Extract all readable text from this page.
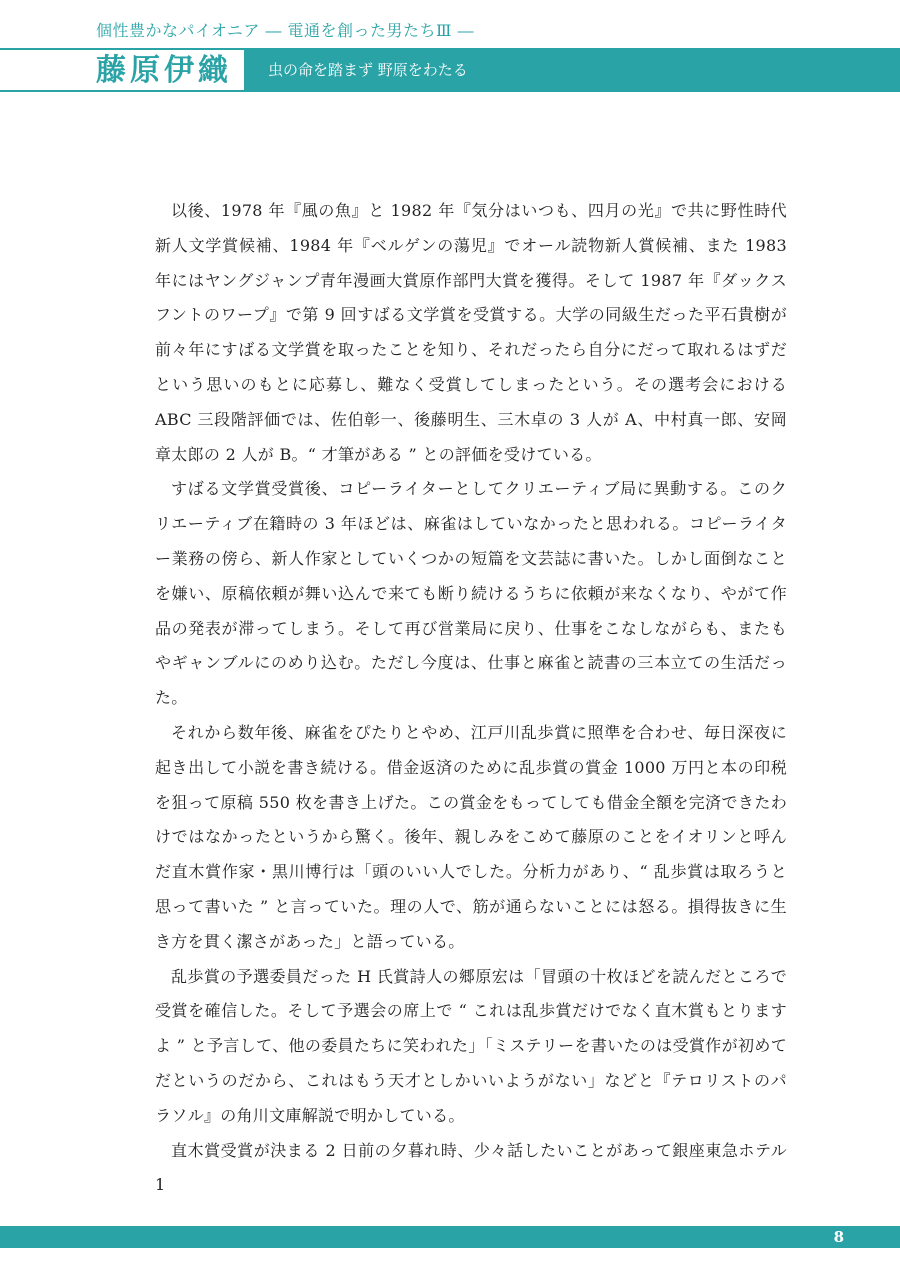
個性豊かなパイオニア ― 電通を創った男たちⅢ ―
藤原伊織 虫の命を踏まず 野原をわたる

以後、1978 年『風の魚』と 1982 年『気分はいつも、四月の光』で共に野性時代新人文学賞候補、1984 年『ベルゲンの蕩児』でオール読物新人賞候補、また 1983 年にはヤングジャンプ青年漫画大賞原作部門大賞を獲得。そして 1987 年『ダックスフントのワープ』で第 9 回すばる文学賞を受賞する。大学の同級生だった平石貴樹が前々年にすばる文学賞を取ったことを知り、それだったら自分にだって取れるはずだという思いのもとに応募し、難なく受賞してしまったという。その選考会における ABC 三段階評価では、佐伯彰一、後藤明生、三木卓の 3 人が A、中村真一郎、安岡章太郎の 2 人が B。“ 才筆がある ” との評価を受けている。

すばる文学賞受賞後、コピーライターとしてクリエーティブ局に異動する。このクリエーティブ在籍時の 3 年ほどは、麻雀はしていなかったと思われる。コピーライター業務の傍ら、新人作家としていくつかの短篇を文芸誌に書いた。しかし面倒なことを嫌い、原稿依頼が舞い込んで来ても断り続けるうちに依頼が来なくなり、やがて作品の発表が滞ってしまう。そして再び営業局に戻り、仕事をこなしながらも、またもやギャンブルにのめり込む。ただし今度は、仕事と麻雀と読書の三本立ての生活だった。

それから数年後、麻雀をぴたりとやめ、江戸川乱歩賞に照準を合わせ、毎日深夜に起き出して小説を書き続ける。借金返済のために乱歩賞の賞金 1000 万円と本の印税を狙って原稿 550 枚を書き上げた。この賞金をもってしても借金全額を完済できたわけではなかったというから驚く。後年、親しみをこめて藤原のことをイオリンと呼んだ直木賞作家・黒川博行は「頭のいい人でした。分析力があり、“ 乱歩賞は取ろうと思って書いた ” と言っていた。理の人で、筋が通らないことには怒る。損得抜きに生き方を貫く潔さがあった」と語っている。

乱歩賞の予選委員だった H 氏賞詩人の郷原宏は「冒頭の十枚ほどを読んだところで受賞を確信した。そして予選会の席上で “ これは乱歩賞だけでなく直木賞もとりますよ ” と予言して、他の委員たちに笑われた」「ミステリーを書いたのは受賞作が初めてだというのだから、これはもう天才としかいいようがない」などと『テロリストのパラソル』の角川文庫解説で明かしている。

直木賞受賞が決まる 2 日前の夕暮れ時、少々話したいことがあって銀座東急ホテル 1

8
